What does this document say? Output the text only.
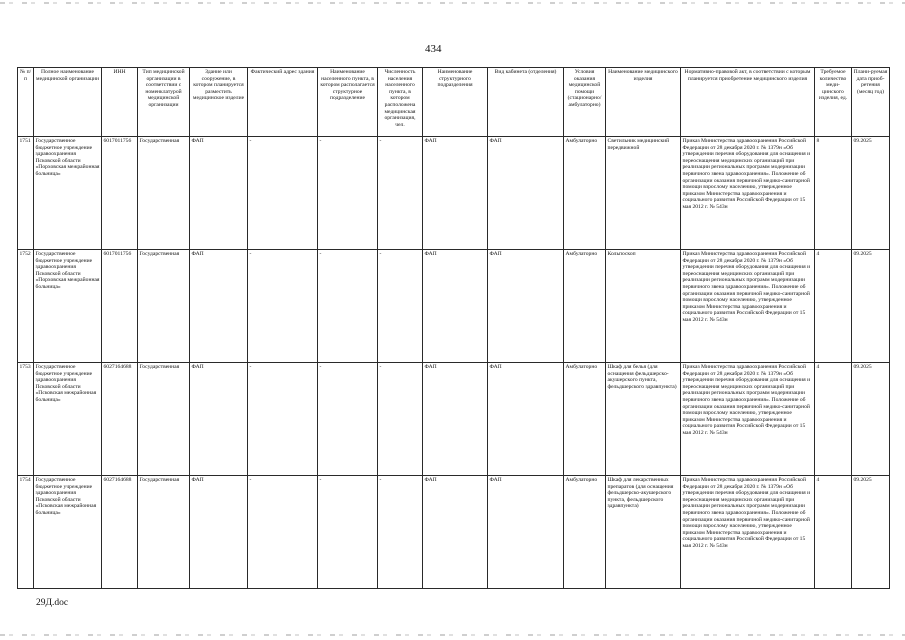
434
№ п/п	Полное наименование медицинской организации	ИНН	Тип медицинской организации в соответствии с номенклатурой медицинской организации	Здание или сооружение, в котором планируется разместить медицинское изделие	Фактический адрес здания	Наименование населенного пункта, в котором располагается структурное подразделение	Численность населения населенного пункта, в котором расположена медицинская организация, чел.	Наименование структурного подразделения	Вид кабинета (отделения)	Условия оказания медицинской помощи (стационарно/ амбулаторно)	Наименование медицинского изделия	Нормативно-правовой акт, в соответствии с которым планируется приобретение медицинского изделия	Требуемое количество меди-цинского изделия, ед.	Плани-руемая дата приоб-ретения (месяц год)
1751	Государственное бюджетное учреждение здравоохранения Псковской области «Порховская межрайонная больница»	6017011756	Государственная	ФАП	-	-	-	ФАП	ФАП	Амбулаторно	Светильник медицинский передвижной	Приказ Министерства здравоохранения Российской Федерации от 28 декабря 2020 г. № 1379н «Об утверждении перечня оборудования для оснащения и переоснащения медицинских организаций при реализации региональных программ модернизации первичного звена здравоохранения». Положение об организации оказания первичной медико-санитарной помощи взрослому населению, утвержденное приказом Министерства здравоохранения и социального развития Российской Федерации от 15 мая 2012 г. № 543н	8	09.2025
1752	Государственное бюджетное учреждение здравоохранения Псковской области «Порховская межрайонная больница»	6017011756	Государственная	ФАП	-	-	-	ФАП	ФАП	Амбулаторно	Кольпоскоп	Приказ Министерства здравоохранения Российской Федерации от 28 декабря 2020 г. № 1379н «Об утверждении перечня оборудования для оснащения и переоснащения медицинских организаций при реализации региональных программ модернизации первичного звена здравоохранения». Положение об организации оказания первичной медико-санитарной помощи взрослому населению, утвержденное приказом Министерства здравоохранения и социального развития Российской Федерации от 15 мая 2012 г. № 543н	4	09.2025
1753	Государственное бюджетное учреждение здравоохранения Псковской области «Псковская межрайонная больница»	6027164688	Государственная	ФАП	-	-	-	ФАП	ФАП	Амбулаторно	Шкаф для белья (для оснащения фельдшерско-акушерского пункта, фельдшерского здравпункта)	Приказ Министерства здравоохранения Российской Федерации от 28 декабря 2020 г. № 1379н «Об утверждении перечня оборудования для оснащения и переоснащения медицинских организаций при реализации региональных программ модернизации первичного звена здравоохранения». Положение об организации оказания первичной медико-санитарной помощи взрослому населению, утвержденное приказом Министерства здравоохранения и социального развития Российской Федерации от 15 мая 2012 г. № 543н	4	09.2025
1754	Государственное бюджетное учреждение здравоохранения Псковской области «Псковская межрайонная больница»	6027164688	Государственная	ФАП	-	-	-	ФАП	ФАП	Амбулаторно	Шкаф для лекарственных препаратов (для оснащения фельдшерско-акушерского пункта, фельдшерского здравпункта)	Приказ Министерства здравоохранения Российской Федерации от 28 декабря 2020 г. № 1379н «Об утверждении перечня оборудования для оснащения и переоснащения медицинских организаций при реализации региональных программ модернизации первичного звена здравоохранения». Положение об организации оказания первичной медико-санитарной помощи взрослому населению, утвержденное приказом Министерства здравоохранения и социального развития Российской Федерации от 15 мая 2012 г. № 543н	4	09.2025
29Д.doc
